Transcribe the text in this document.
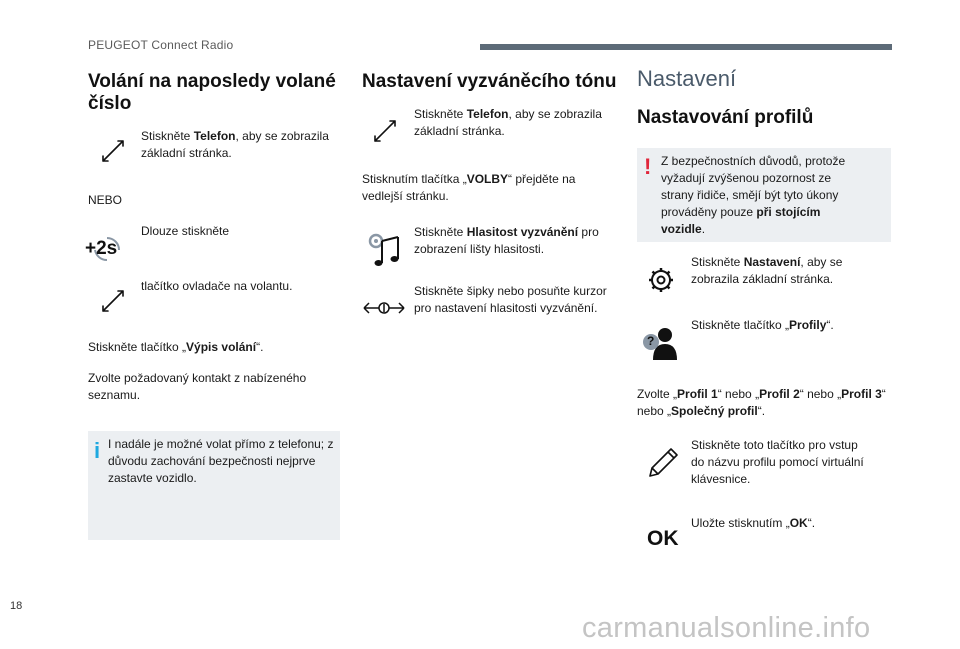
PEUGEOT Connect Radio
Volání na naposledy volané číslo
Stiskněte Telefon, aby se zobrazila základní stránka.
NEBO
+2s
Dlouze stiskněte
tlačítko ovladače na volantu.
Stiskněte tlačítko „Výpis volání“.
Zvolte požadovaný kontakt z nabízeného seznamu.
i I nadále je možné volat přímo z telefonu; z důvodu zachování bezpečnosti nejprve zastavte vozidlo.
Nastavení vyzváněcího tónu
Stiskněte Telefon, aby se zobrazila základní stránka.
Stisknutím tlačítka „VOLBY“ přejděte na vedlejší stránku.
Stiskněte Hlasitost vyzvánění pro zobrazení lišty hlasitosti.
Stiskněte šipky nebo posuňte kurzor pro nastavení hlasitosti vyzvánění.
Nastavení
Nastavování profilů
! Z bezpečnostních důvodů, protože vyžadují zvýšenou pozornost ze strany řidiče, smějí být tyto úkony prováděny pouze při stojícím vozidle.
Stiskněte Nastavení, aby se zobrazila základní stránka.
?
Stiskněte tlačítko „Profily“.
Zvolte „Profil 1“ nebo „Profil 2“ nebo „Profil 3“ nebo „Společný profil“.
Stiskněte toto tlačítko pro vstup do názvu profilu pomocí virtuální klávesnice.
OK
Uložte stisknutím „OK“.
18
carmanualsonline.info
